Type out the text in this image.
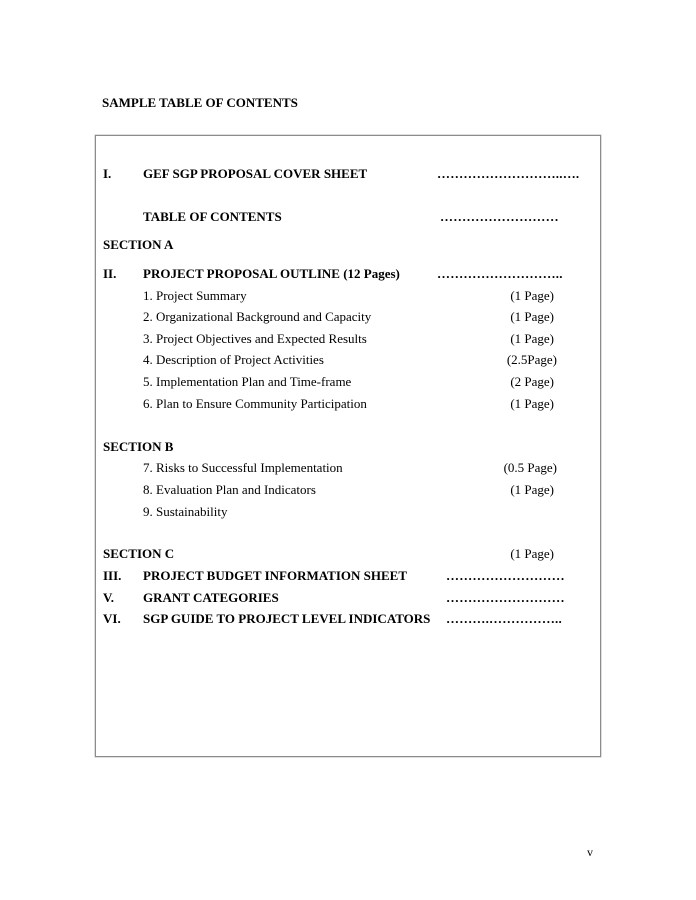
SAMPLE TABLE OF CONTENTS
I. GEF SGP PROPOSAL COVER SHEET	………………………..….
TABLE OF CONTENTS	………………………
SECTION A
II. PROJECT PROPOSAL OUTLINE (12 Pages)	………………………..
1. Project Summary	(1 Page)
2. Organizational Background and Capacity	(1 Page)
3. Project Objectives and Expected Results	(1 Page)
4. Description of Project Activities	(2.5Page)
5. Implementation Plan and Time-frame	(2 Page)
6. Plan to Ensure Community Participation	(1 Page)
SECTION B
7. Risks to Successful Implementation	(0.5 Page)
8. Evaluation Plan and Indicators	(1 Page)
9. Sustainability
SECTION C	(1 Page)
III. PROJECT BUDGET INFORMATION SHEET	………………………
V. GRANT CATEGORIES	………………………
VI. SGP GUIDE TO PROJECT LEVEL INDICATORS ……….……………..
v
